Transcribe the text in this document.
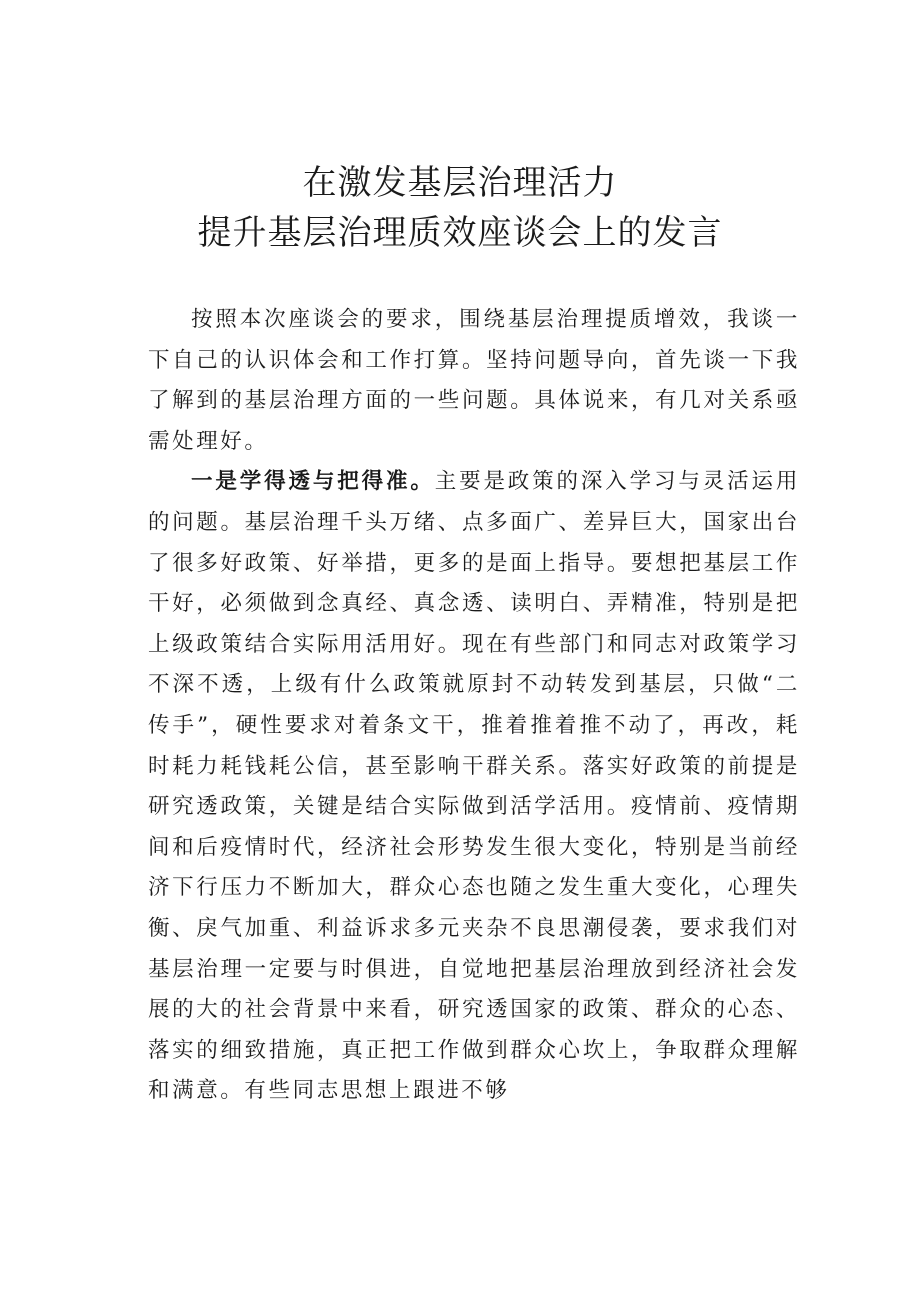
在激发基层治理活力
提升基层治理质效座谈会上的发言

按照本次座谈会的要求，围绕基层治理提质增效，我谈一下自己的认识体会和工作打算。坚持问题导向，首先谈一下我了解到的基层治理方面的一些问题。具体说来，有几对关系亟需处理好。

一是学得透与把得准。主要是政策的深入学习与灵活运用的问题。基层治理千头万绪、点多面广、差异巨大，国家出台了很多好政策、好举措，更多的是面上指导。要想把基层工作干好，必须做到念真经、真念透、读明白、弄精准，特别是把上级政策结合实际用活用好。现在有些部门和同志对政策学习不深不透，上级有什么政策就原封不动转发到基层，只做“二传手”，硬性要求对着条文干，推着推着推不动了，再改，耗时耗力耗钱耗公信，甚至影响干群关系。落实好政策的前提是研究透政策，关键是结合实际做到活学活用。疫情前、疫情期间和后疫情时代，经济社会形势发生很大变化，特别是当前经济下行压力不断加大，群众心态也随之发生重大变化，心理失衡、戾气加重、利益诉求多元夹杂不良思潮侵袭，要求我们对基层治理一定要与时俱进，自觉地把基层治理放到经济社会发展的大的社会背景中来看，研究透国家的政策、群众的心态、落实的细致措施，真正把工作做到群众心坎上，争取群众理解和满意。有些同志思想上跟进不够
